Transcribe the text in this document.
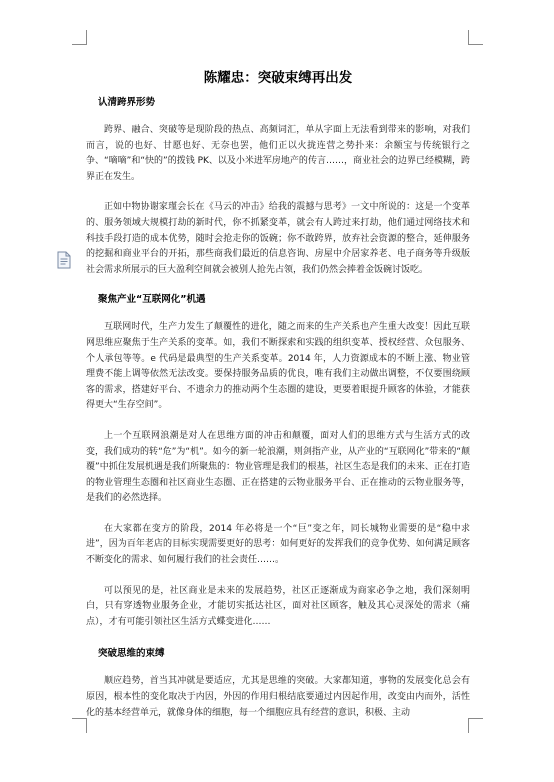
陈耀忠：突破束缚再出发
认清跨界形势

跨界、融合、突破等是现阶段的热点、高频词汇，单从字面上无法看到带来的影响，对我们而言，说的也好、甘愿也好、无奈也罢，他们正以火拢连营之势扑来：余额宝与传统银行之争、“嘀嘀”和“快的”的拨钱 PK、以及小米进军房地产的传言……，商业社会的边界已经模糊，跨界正在发生。

正如中物协谢家瑾会长在《马云的冲击》给我的震撼与思考》一文中所说的：这是一个变革的、服务领域大规模打劫的新时代，你不抓紧变革，就会有人跨过来打劫，他们通过网络技术和科技手段打造的成本优势，随时会抢走你的饭碗；你不敢跨界，放弃社会资源的整合，延伸服务的挖掘和商业平台的开拓，那些商我们最近的信息咨询、房屋中介居家养老、电子商务等升级版社会需求所展示的巨大盈利空间就会被别人抢先占领，我们仍然会捧着金饭碗讨饭吃。

聚焦产业“互联网化”机遇

互联网时代，生产力发生了颠覆性的进化，随之而来的生产关系也产生重大改变！因此互联网思维应聚焦于生产关系的变革。如，我们不断探索和实践的组织变革、授权经营、众包服务、个人承包等等。e 代码是最典型的生产关系变革。2014 年，人力资源成本的不断上涨、物业管理费不能上调等依然无法改变。要保持服务品质的优良，唯有我们主动做出调整，不仅要围绕顾客的需求，搭建好平台、不遗余力的推动两个生态圈的建设，更要着眼提升顾客的体验，才能获得更大“生存空间”。

上一个互联网浪潮是对人在思维方面的冲击和颠覆，面对人们的思维方式与生活方式的改变，我们成功的转“危”为“机”。如今的新一轮浪潮，则剑指产业，从产业的“互联网化”带来的“颠覆”中抓住发展机遇是我们所聚焦的：物业管理是我们的根基，社区生态是我们的未来、正在打造的物业管理生态圈和社区商业生态圈、正在搭建的云物业服务平台、正在推动的云物业服务等，是我们的必然选择。

在大家都在变方的阶段，2014 年必将是一个“巨”变之年，同长城物业需要的是“稳中求进”，因为百年老店的目标实现需要更好的思考：如何更好的发挥我们的竞争优势、如何满足顾客不断变化的需求、如何履行我们的社会责任……。

可以预见的是，社区商业是未来的发展趋势，社区正逐渐成为商家必争之地，我们深刻明白，只有穿透物业服务企业，才能切实抵达社区，面对社区顾客，触及其心灵深处的需求（痛点），才有可能引领社区生活方式蝶变进化……

突破思维的束缚

顺应趋势，首当其冲就是要适应，尤其是思维的突破。大家都知道，事物的发展变化总会有原因，根本性的变化取决于内因，外因的作用归根结底要通过内因起作用，改变由内而外，活性化的基本经营单元，就像身体的细胞，每一个细胞应具有经营的意识，积极、主动
